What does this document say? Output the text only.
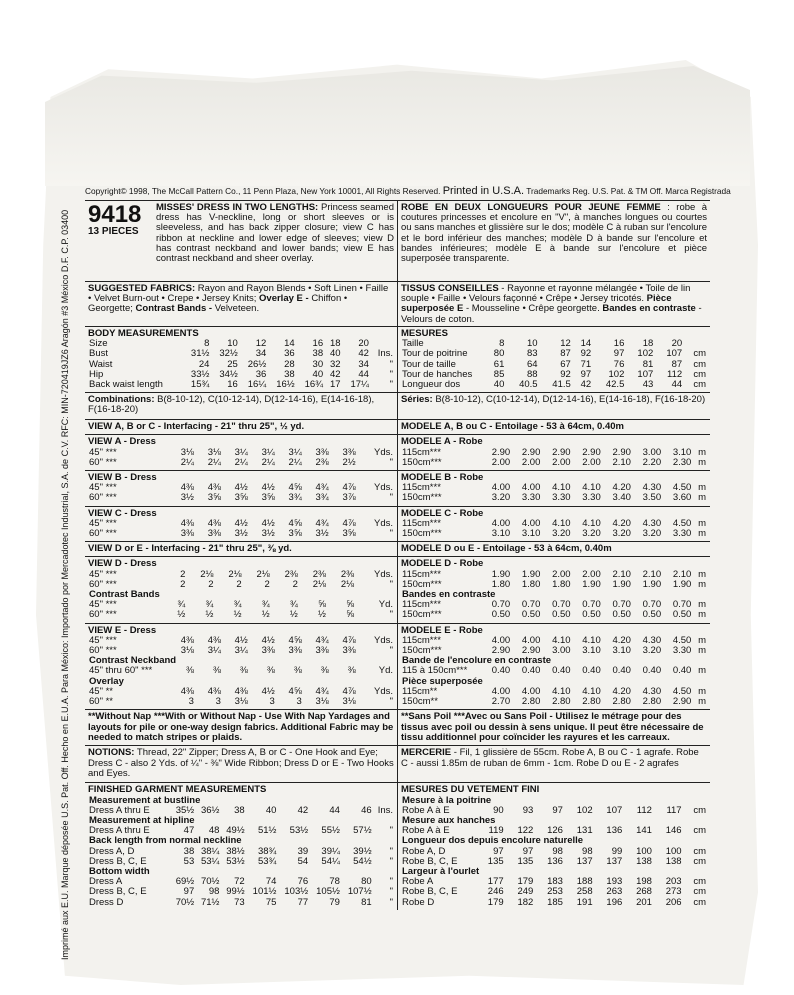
Imprimé aux E.U. Marque déposée U.S. Pat. Off. Hecho en E.U.A. Para México: Importado por Mercadotec Industrial, S.A. de C.V. RFC: MIN-720419JZ6 Aragón #3 México D.F. C.P. 03400
Copyright© 1998, The McCall Pattern Co., 11 Penn Plaza, New York 10001, All Rights Reserved. Printed in U.S.A. Trademarks Reg. U.S. Pat. & TM Off. Marca Registrada
9418
13 PIECES
MISSES' DRESS IN TWO LENGTHS: Princess seamed dress has V-neckline, long or short sleeves or is sleeveless, and has back zipper closure; view C has ribbon at neckline and lower edge of sleeves; view D has contrast neckband and lower bands; view E has contrast neckband and sheer overlay.
SUGGESTED FABRICS: Rayon and Rayon Blends • Soft Linen • Faille • Velvet Burn-out • Crepe • Jersey Knits; Overlay E - Chiffon • Georgette; Contrast Bands - Velveteen.
BODY MEASUREMENTS
Size	8	10	12	14	16	18	20	
Bust	31½	32½	34	36	38	40	42	Ins.
Waist	24	25	26½	28	30	32	34	"
Hip	33½	34½	36	38	40	42	44	"
Back waist length	15¾	16	16¼	16½	16¾	17	17¼	"
Combinations: B(8-10-12), C(10-12-14), D(12-14-16), E(14-16-18), F(16-18-20)
VIEW A, B or C - Interfacing - 21" thru 25", ½ yd.
VIEW A - Dress
45" ***	3⅛	3⅛	3¼	3¼	3¼	3⅜	3⅜	Yds.
60" ***	2¼	2¼	2¼	2¼	2¼	2⅜	2½	"
VIEW B - Dress
45" ***	4⅜	4⅜	4½	4½	4⅝	4¾	4⅞	Yds.
60" ***	3½	3⅝	3⅝	3⅝	3¾	3¾	3⅞	"
VIEW C - Dress
45" ***	4⅜	4⅜	4½	4½	4⅝	4¾	4⅞	Yds.
60" ***	3⅜	3⅜	3½	3½	3⅝	3½	3⅝	"
VIEW D or E - Interfacing - 21" thru 25", ⅜ yd.
VIEW D - Dress
45" ***	2	2⅛	2⅛	2⅛	2⅜	2⅜	2⅜	Yds.
60" ***	2	2	2	2	2	2⅛	2⅛	"
Contrast Bands								
45" ***	¾	¾	¾	¾	¾	⅝	⅝	Yd.
60" ***	½	½	½	½	½	½	⅝	"
VIEW E - Dress
45" ***	4⅜	4⅜	4½	4½	4⅝	4¾	4⅞	Yds.
60" ***	3⅛	3¼	3¼	3⅜	3⅜	3⅜	3⅜	"
Contrast Neckband								
45" thru 60" ***	⅜	⅜	⅜	⅜	⅜	⅜	⅜	Yd.
Overlay								
45" **	4⅜	4⅜	4⅜	4½	4⅝	4¾	4⅞	Yds.
60" **	3	3	3⅛	3	3	3⅛	3⅛	"
**Without Nap ***With or Without Nap - Use With Nap Yardages and layouts for pile or one-way design fabrics. Additional Fabric may be needed to match stripes or plaids.
NOTIONS: Thread, 22" Zipper; Dress A, B or C - One Hook and Eye; Dress C - also 2 Yds. of ¼" - ⅜" Wide Ribbon; Dress D or E - Two Hooks and Eyes.
FINISHED GARMENT MEASUREMENTS
Measurement at bustline								
Dress A thru E	35½	36½	38	40	42	44	46	Ins.
Measurement at hipline								
Dress A thru E	47	48	49½	51½	53½	55½	57½	"
Back length from normal neckline								
Dress A, D	38	38¼	38½	38¾	39	39¼	39½	"
Dress B, C, E	53	53¼	53½	53¾	54	54¼	54½	"
Bottom width								
Dress A	69½	70½	72	74	76	78	80	"
Dress B, C, E	97	98	99½	101½	103½	105½	107½	"
Dress D	70½	71½	73	75	77	79	81	"
ROBE EN DEUX LONGUEURS POUR JEUNE FEMME : robe à coutures princesses et encolure en "V", à manches longues ou courtes ou sans manches et glissière sur le dos; modèle C à ruban sur l'encolure et le bord inférieur des manches; modèle D à bande sur l'encolure et bandes inférieures; modèle E à bande sur l'encolure et pièce superposée transparente.
TISSUS CONSEILLES - Rayonne et rayonne mélangée • Toile de lin souple • Faille • Velours façonné • Crêpe • Jersey tricotés. Pièce superposée E - Mousseline • Crêpe georgette. Bandes en contraste - Velours de coton.
MESURES
Taille	8	10	12	14	16	18	20	
Tour de poitrine	80	83	87	92	97	102	107	cm
Tour de taille	61	64	67	71	76	81	87	cm
Tour de hanches	85	88	92	97	102	107	112	cm
Longueur dos	40	40.5	41.5	42	42.5	43	44	cm
Séries: B(8-10-12), C(10-12-14), D(12-14-16), E(14-16-18), F(16-18-20)
MODELE A, B ou C - Entoilage - 53 à 64cm, 0.40m
MODELE A - Robe
115cm***	2.90	2.90	2.90	2.90	2.90	3.00	3.10	m
150cm***	2.00	2.00	2.00	2.00	2.10	2.20	2.30	m
MODELE B - Robe
115cm***	4.00	4.00	4.10	4.10	4.20	4.30	4.50	m
150cm***	3.20	3.30	3.30	3.30	3.40	3.50	3.60	m
MODELE C - Robe
115cm***	4.00	4.00	4.10	4.10	4.20	4.30	4.50	m
150cm***	3.10	3.10	3.20	3.20	3.20	3.20	3.30	m
MODELE D ou E - Entoilage - 53 à 64cm, 0.40m
MODELE D - Robe
115cm***	1.90	1.90	2.00	2.00	2.10	2.10	2.10	m
150cm***	1.80	1.80	1.80	1.90	1.90	1.90	1.90	m
Bandes en contraste								
115cm***	0.70	0.70	0.70	0.70	0.70	0.70	0.70	m
150cm***	0.50	0.50	0.50	0.50	0.50	0.50	0.50	m
MODELE E - Robe
115cm***	4.00	4.00	4.10	4.10	4.20	4.30	4.50	m
150cm***	2.90	2.90	3.00	3.10	3.10	3.20	3.30	m
Bande de l'encolure en contraste								
115 à 150cm***	0.40	0.40	0.40	0.40	0.40	0.40	0.40	m
Pièce superposée								
115cm**	4.00	4.00	4.10	4.10	4.20	4.30	4.50	m
150cm**	2.70	2.80	2.80	2.80	2.80	2.80	2.90	m
**Sans Poil ***Avec ou Sans Poil - Utilisez le métrage pour des tissus avec poil ou dessin à sens unique. Il peut être nécessaire de tissu additionnel pour coïncider les rayures et les carreaux.
MERCERIE - Fil, 1 glissière de 55cm. Robe A, B ou C - 1 agrafe. Robe C - aussi 1.85m de ruban de 6mm - 1cm. Robe D ou E - 2 agrafes
MESURES DU VETEMENT FINI
Mesure à la poitrine								
Robe A à E	90	93	97	102	107	112	117	cm
Mesure aux hanches								
Robe A à E	119	122	126	131	136	141	146	cm
Longueur dos depuis encolure naturelle								
Robe A, D	97	97	98	98	99	100	100	cm
Robe B, C, E	135	135	136	137	137	138	138	cm
Largeur à l'ourlet								
Robe A	177	179	183	188	193	198	203	cm
Robe B, C, E	246	249	253	258	263	268	273	cm
Robe D	179	182	185	191	196	201	206	cm
